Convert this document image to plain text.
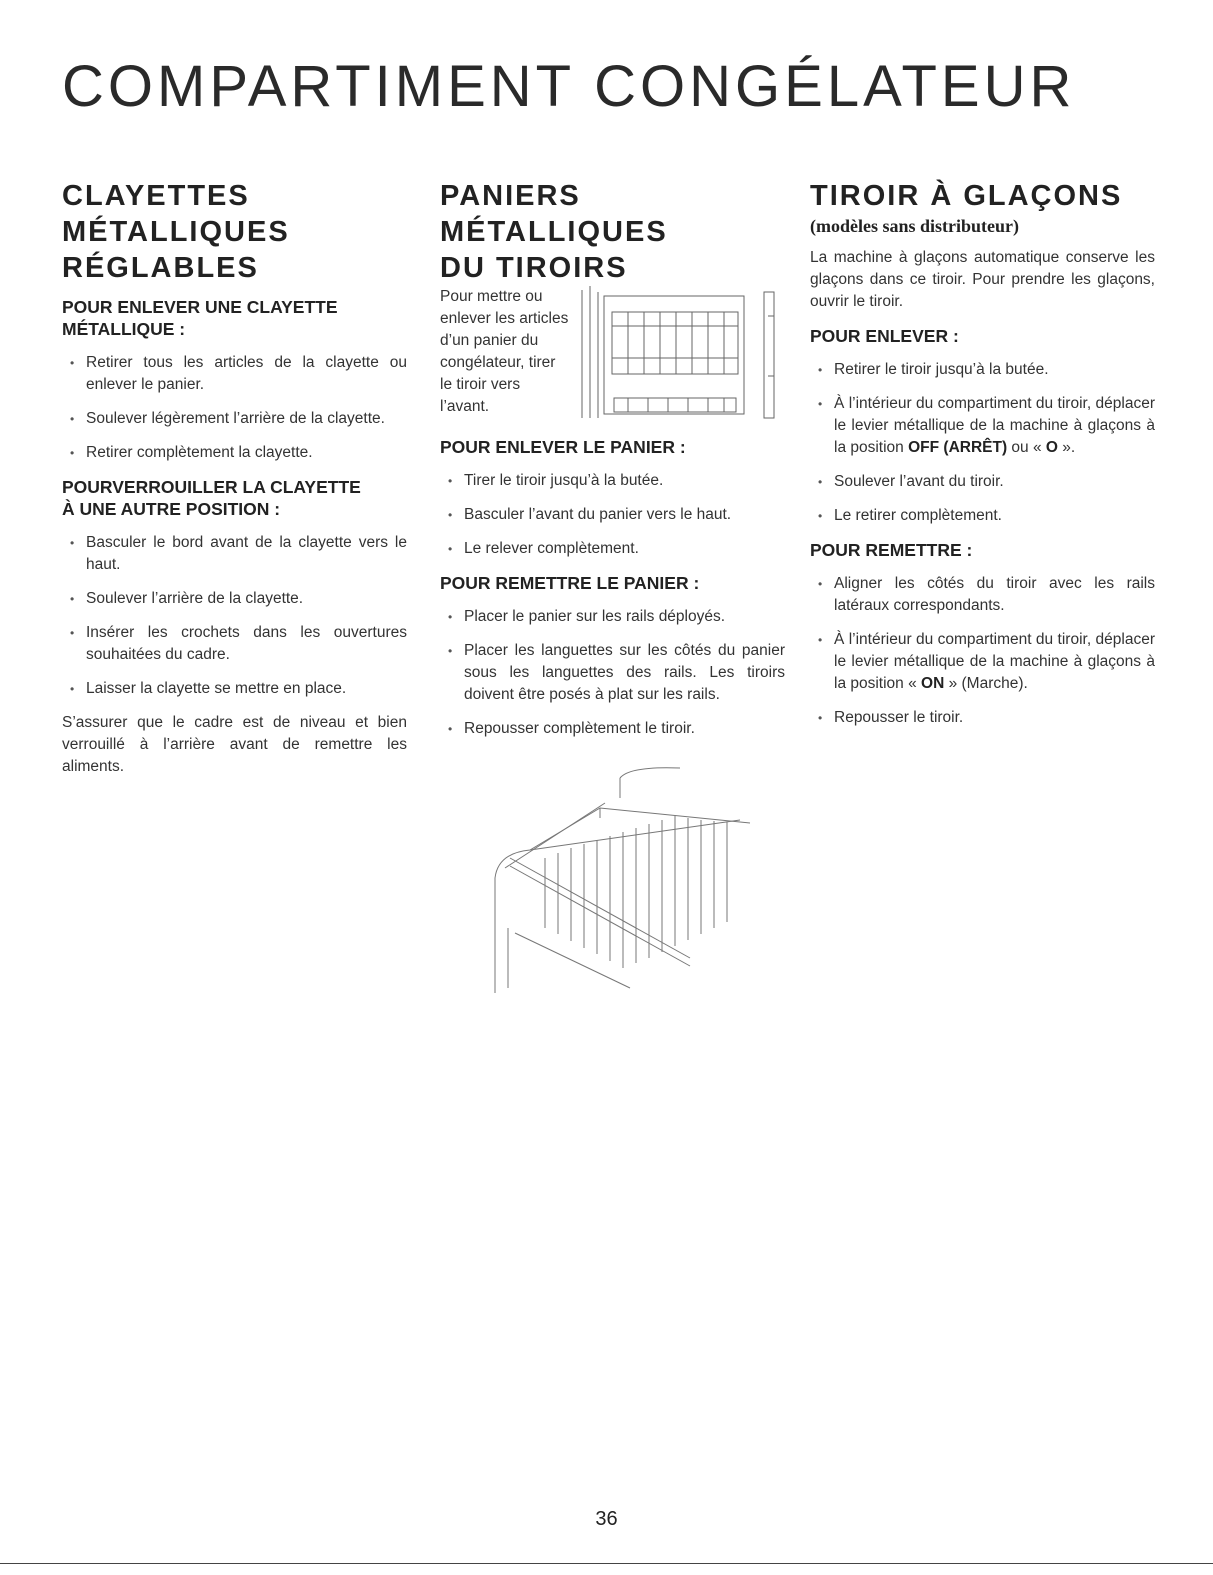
COMPARTIMENT CONGÉLATEUR
CLAYETTES
MÉTALLIQUES
RÉGLABLES
POUR ENLEVER UNE CLAYETTE
MÉTALLIQUE :
• Retirer tous les articles de la clayette ou enlever le panier.
• Soulever légèrement l’arrière de la clayette.
• Retirer complètement la clayette.
POURVERROUILLER LA CLAYETTE
À UNE AUTRE POSITION :
• Basculer le bord avant de la clayette vers le haut.
• Soulever l’arrière de la clayette.
• Insérer les crochets dans les ouvertures souhaitées du cadre.
• Laisser la clayette se mettre en place.

S’assurer que le cadre est de niveau et bien verrouillé à l’arrière avant de remettre les aliments.

PANIERS MÉTALLIQUES
DU TIROIRS
Pour mettre ou enlever les articles d’un panier du congélateur, tirer le tiroir vers l’avant.
POUR ENLEVER LE PANIER :
• Tirer le tiroir jusqu’à la butée.
• Basculer l’avant du panier vers le haut.
• Le relever complètement.
POUR REMETTRE LE PANIER :
• Placer le panier sur les rails déployés.
• Placer les languettes sur les côtés du panier sous les languettes des rails. Les tiroirs doivent être posés à plat sur les rails.
• Repousser complètement le tiroir.
TIROIR À GLAÇONS
(modèles sans distributeur)

La machine à glaçons automatique conserve les glaçons dans ce tiroir. Pour prendre les glaçons, ouvrir le tiroir.

POUR ENLEVER :
• Retirer le tiroir jusqu’à la butée.
• À l’intérieur du compartiment du tiroir, déplacer le levier métallique de la machine à glaçons à la position OFF (ARRÊT) ou « O ».
• Soulever l’avant du tiroir.
• Le retirer complètement.
POUR REMETTRE :
• Aligner les côtés du tiroir avec les rails latéraux correspondants.
• À l’intérieur du compartiment du tiroir, déplacer le levier métallique de la machine à glaçons à la position « ON » (Marche).
• Repousser le tiroir.
36
